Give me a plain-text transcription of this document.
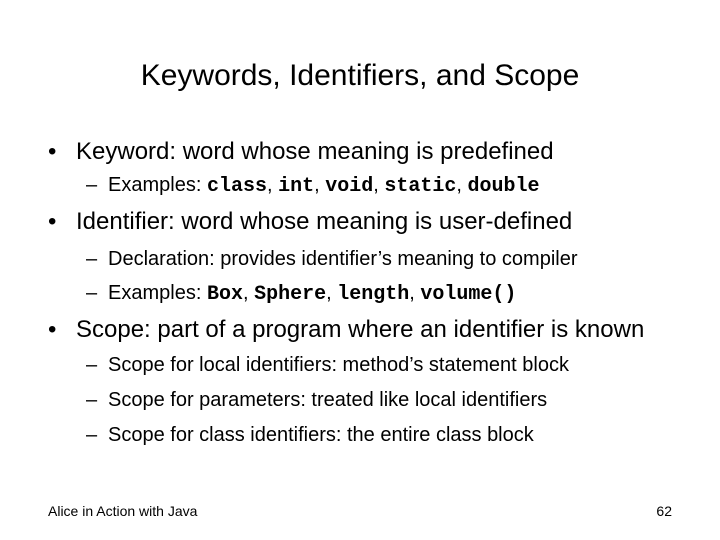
Keywords, Identifiers, and Scope
• Keyword: word whose meaning is predefined
– Examples: class, int, void, static, double
• Identifier: word whose meaning is user-defined
– Declaration: provides identifier’s meaning to compiler
– Examples: Box, Sphere, length, volume()
• Scope: part of a program where an identifier is known
– Scope for local identifiers: method’s statement block
– Scope for parameters: treated like local identifiers
– Scope for class identifiers: the entire class block
Alice in Action with Java	62
